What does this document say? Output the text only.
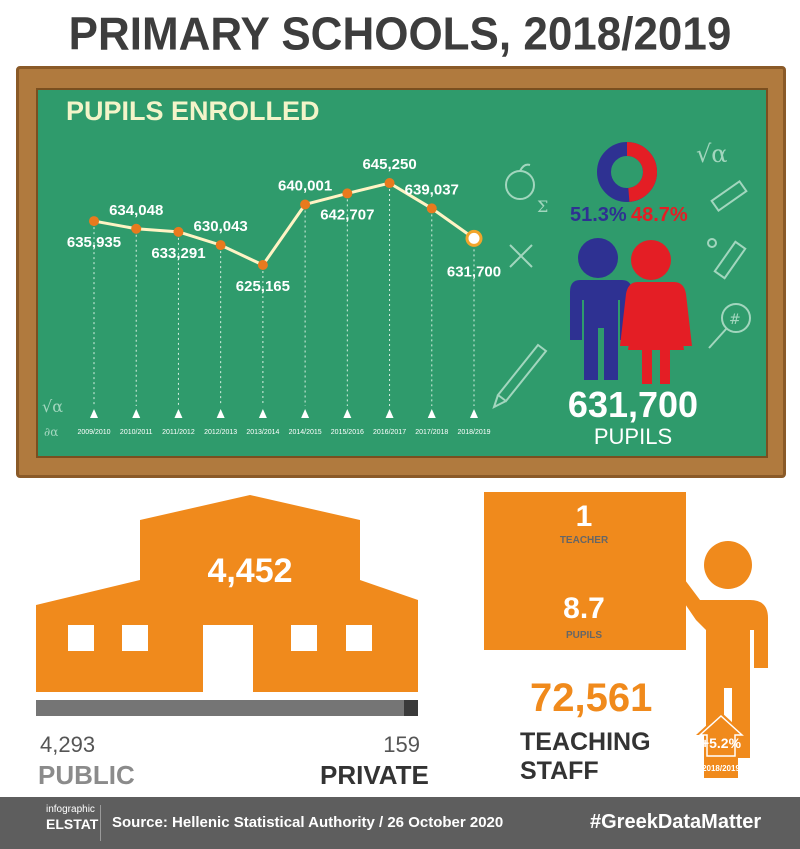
PRIMARY SCHOOLS, 2018/2019
PUPILS ENROLLED
2009/2010 2010/2011 2011/2012 2012/2013 2013/2014 2014/2015 2015/2016 2016/2017 2017/2018 2018/2019
635,935
634,048
633,291
630,043
625,165
640,001
642,707
645,250
639,037
631,700
Σ
√α
#
√α
∂α
51.3% 48.7%
631,700
PUPILS
4,452
4,293
PUBLIC
159
PRIVATE
1
TEACHER
8.7
PUPILS
72,561
TEACHING STAFF
+5.2%
2018/2019
infographic
ELSTAT Source: Hellenic Statistical Authority / 26 October 2020	#GreekDataMatter
